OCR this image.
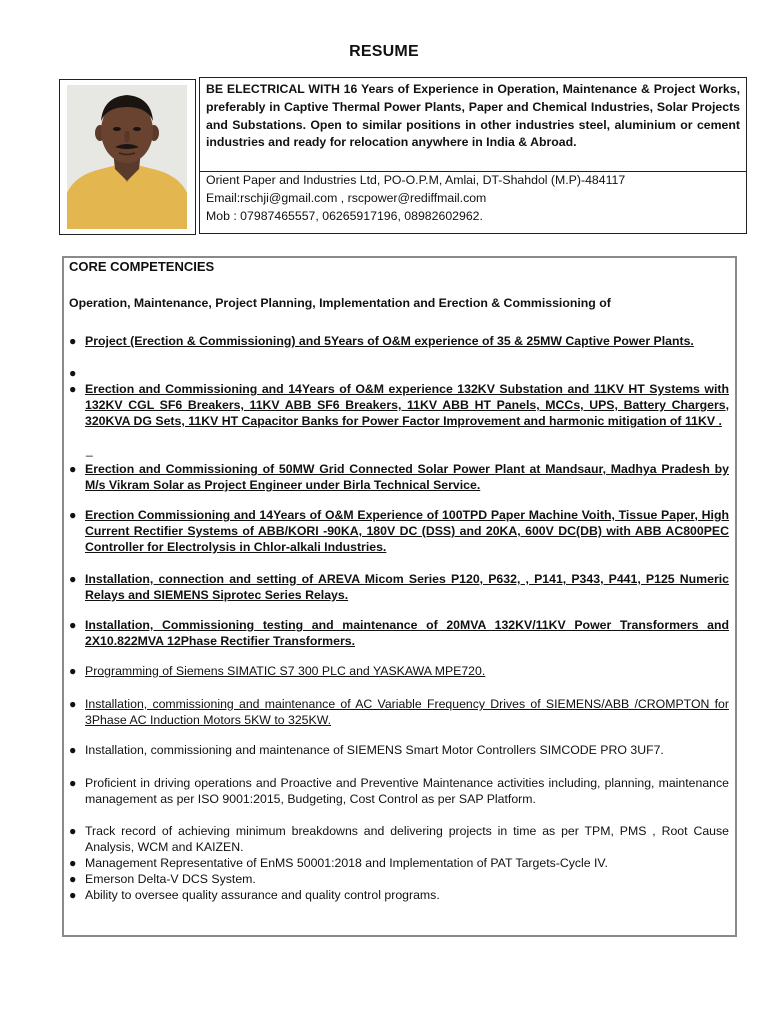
RESUME
BE ELECTRICAL WITH 16 Years of Experience in Operation, Maintenance & Project Works, preferably in Captive Thermal Power Plants, Paper and Chemical Industries, Solar Projects and Substations. Open to similar positions in other industries steel, aluminium or cement industries and ready for relocation anywhere in India & Abroad.
Orient Paper and Industries Ltd, PO-O.P.M, Amlai, DT-Shahdol (M.P)-484117
Email:rschji@gmail.com , rscpower@rediffmail.com
Mob : 07987465557, 06265917196, 08982602962.
CORE COMPETENCIES
Operation, Maintenance, Project Planning, Implementation and Erection & Commissioning of
● Project (Erection & Commissioning) and 5Years of O&M experience of 35 & 25MW Captive Power Plants.
●
● Erection and Commissioning and 14Years of O&M experience 132KV Substation and 11KV HT Systems with 132KV CGL SF6 Breakers, 11KV ABB SF6 Breakers, 11KV ABB HT Panels, MCCs, UPS, Battery Chargers, 320KVA DG Sets, 11KV HT Capacitor Banks for Power Factor Improvement and harmonic mitigation of 11KV .
● Erection and Commissioning of 50MW Grid Connected Solar Power Plant at Mandsaur, Madhya Pradesh by M/s Vikram Solar as Project Engineer under Birla Technical Service.
● Erection Commissioning and 14Years of O&M Experience of 100TPD Paper Machine Voith, Tissue Paper, High Current Rectifier Systems of ABB/KORI -90KA, 180V DC (DSS) and 20KA, 600V DC(DB) with ABB AC800PEC Controller for Electrolysis in Chlor-alkali Industries.
● Installation, connection and setting of AREVA Micom Series P120, P632, , P141, P343, P441, P125 Numeric Relays and SIEMENS Siprotec Series Relays.
● Installation, Commissioning testing and maintenance of 20MVA 132KV/11KV Power Transformers and 2X10.822MVA 12Phase Rectifier Transformers.
● Programming of Siemens SIMATIC S7 300 PLC and YASKAWA MPE720.
● Installation, commissioning and maintenance of AC Variable Frequency Drives of SIEMENS/ABB /CROMPTON for 3Phase AC Induction Motors 5KW to 325KW.
● Installation, commissioning and maintenance of SIEMENS Smart Motor Controllers SIMCODE PRO 3UF7.
● Proficient in driving operations and Proactive and Preventive Maintenance activities including, planning, maintenance management as per ISO 9001:2015, Budgeting, Cost Control as per SAP Platform.
● Track record of achieving minimum breakdowns and delivering projects in time as per TPM, PMS , Root Cause Analysis, WCM and KAIZEN.
● Management Representative of EnMS 50001:2018 and Implementation of PAT Targets-Cycle IV.
● Emerson Delta-V DCS System.
● Ability to oversee quality assurance and quality control programs.
_
